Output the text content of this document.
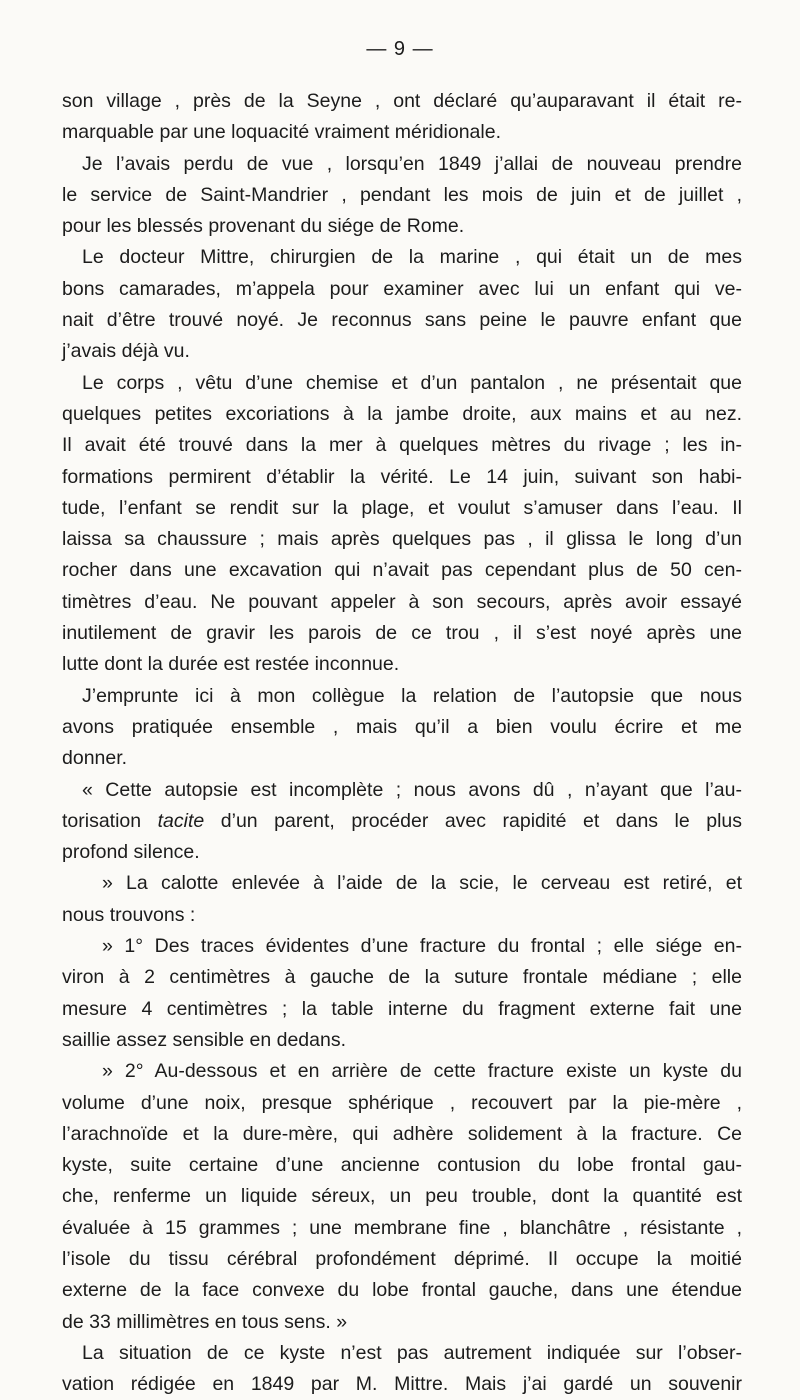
— 9 —
son village , près de la Seyne , ont déclaré qu’auparavant il était re-
marquable par une loquacité vraiment méridionale.
Je l’avais perdu de vue , lorsqu’en 1849 j’allai de nouveau prendre
le service de Saint-Mandrier , pendant les mois de juin et de juillet ,
pour les blessés provenant du siége de Rome.
Le docteur Mittre, chirurgien de la marine , qui était un de mes
bons camarades, m’appela pour examiner avec lui un enfant qui ve-
nait d’être trouvé noyé. Je reconnus sans peine le pauvre enfant que
j’avais déjà vu.
Le corps , vêtu d’une chemise et d’un pantalon , ne présentait que
quelques petites excoriations à la jambe droite, aux mains et au nez.
Il avait été trouvé dans la mer à quelques mètres du rivage ; les in-
formations permirent d’établir la vérité. Le 14 juin, suivant son habi-
tude, l’enfant se rendit sur la plage, et voulut s’amuser dans l’eau. Il
laissa sa chaussure ; mais après quelques pas , il glissa le long d’un
rocher dans une excavation qui n’avait pas cependant plus de 50 cen-
timètres d’eau. Ne pouvant appeler à son secours, après avoir essayé
inutilement de gravir les parois de ce trou , il s’est noyé après une
lutte dont la durée est restée inconnue.
J’emprunte ici à mon collègue la relation de l’autopsie que nous
avons pratiquée ensemble , mais qu’il a bien voulu écrire et me
donner.
« Cette autopsie est incomplète ; nous avons dû , n’ayant que l’au-
torisation tacite d’un parent, procéder avec rapidité et dans le plus
profond silence.
» La calotte enlevée à l’aide de la scie, le cerveau est retiré, et
nous trouvons :
» 1° Des traces évidentes d’une fracture du frontal ; elle siége en-
viron à 2 centimètres à gauche de la suture frontale médiane ; elle
mesure 4 centimètres ; la table interne du fragment externe fait une
saillie assez sensible en dedans.
» 2° Au-dessous et en arrière de cette fracture existe un kyste du
volume d’une noix, presque sphérique , recouvert par la pie-mère ,
l’arachnoïde et la dure-mère, qui adhère solidement à la fracture. Ce
kyste, suite certaine d’une ancienne contusion du lobe frontal gau-
che, renferme un liquide séreux, un peu trouble, dont la quantité est
évaluée à 15 grammes ; une membrane fine , blanchâtre , résistante ,
l’isole du tissu cérébral profondément déprimé. Il occupe la moitié
externe de la face convexe du lobe frontal gauche, dans une étendue
de 33 millimètres en tous sens. »
La situation de ce kyste n’est pas autrement indiquée sur l’obser-
vation rédigée en 1849 par M. Mittre. Mais j’ai gardé un souvenir
